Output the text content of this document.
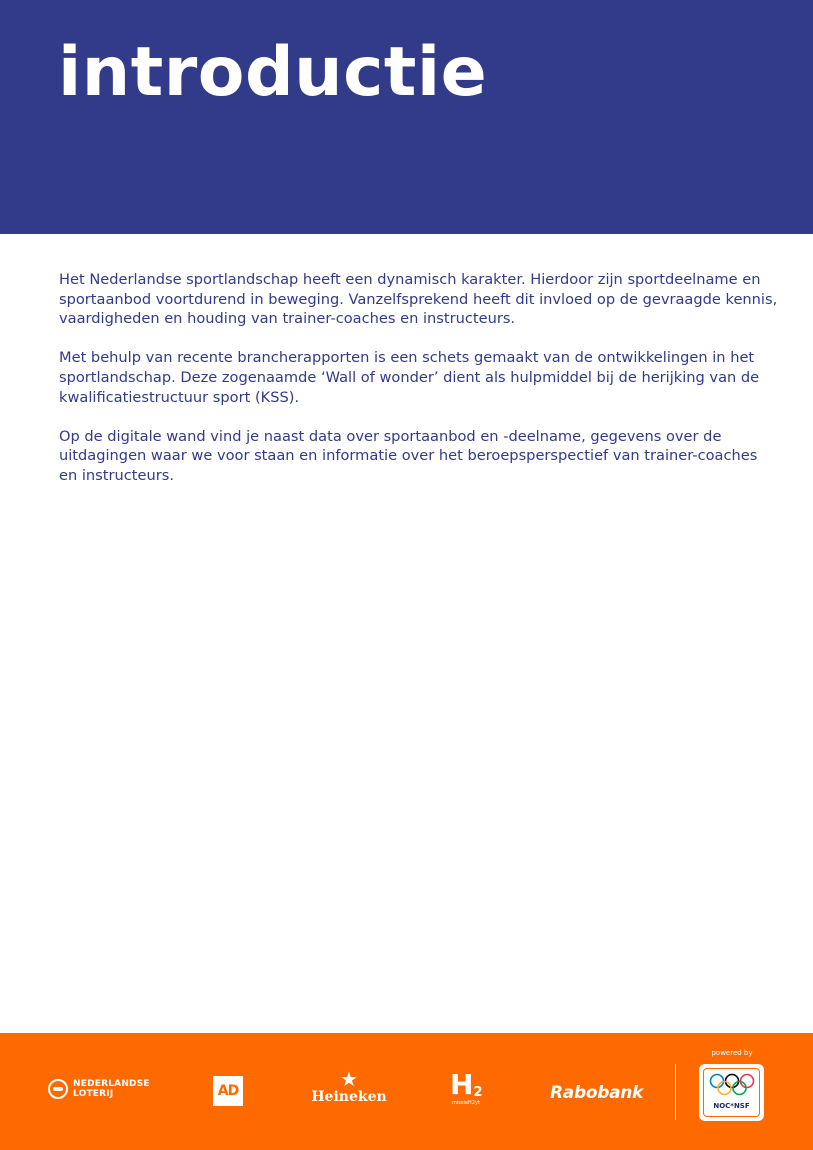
introductie

Het Nederlandse sportlandschap heeft een dynamisch karakter. Hierdoor zijn sportdeelname en sportaanbod voortdurend in beweging. Vanzelfsprekend heeft dit invloed op de gevraagde kennis, vaardigheden en houding van trainer-coaches en instructeurs.

Met behulp van recente brancherapporten is een schets gemaakt van de ontwikkelingen in het sportlandschap. Deze zogenaamde ‘Wall of wonder’ dient als hulpmiddel bij de herijking van de kwalificatiestructuur sport (KSS).

Op de digitale wand vind je naast data over sportaanbod en -deelname, gegevens over de uitdagingen waar we voor staan en informatie over het beroepsperspectief van trainer-coaches en instructeurs.

NEDERLANDSE
LOTERIJ	AD	★
Heineken H2
missieH2yt	Rabobank
powered by
NOC*NSF
